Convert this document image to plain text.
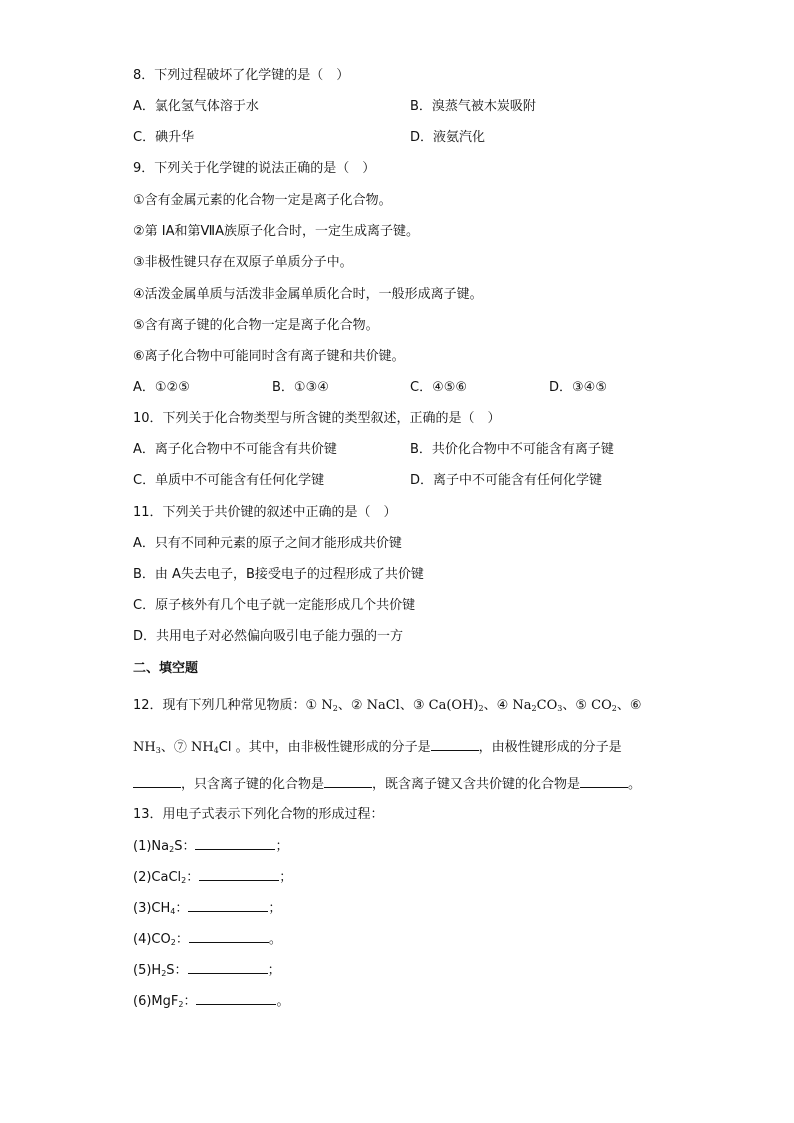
8．下列过程破坏了化学键的是（　）
A．氯化氢气体溶于水	B．溴蒸气被木炭吸附
C．碘升华	D．液氨汽化
9．下列关于化学键的说法正确的是（　）
①含有金属元素的化合物一定是离子化合物。
②第 IA和第ⅦA族原子化合时，一定生成离子键。
③非极性键只存在双原子单质分子中。
④活泼金属单质与活泼非金属单质化合时，一般形成离子键。
⑤含有离子键的化合物一定是离子化合物。
⑥离子化合物中可能同时含有离子键和共价键。
A．①②⑤	B．①③④	C．④⑤⑥	D．③④⑤
10．下列关于化合物类型与所含键的类型叙述，正确的是（　）
A．离子化合物中不可能含有共价键	B．共价化合物中不可能含有离子键
C．单质中不可能含有任何化学键	D．离子中不可能含有任何化学键
11．下列关于共价键的叙述中正确的是（　）
A．只有不同种元素的原子之间才能形成共价键
B．由 A失去电子，B接受电子的过程形成了共价键
C．原子核外有几个电子就一定能形成几个共价键
D．共用电子对必然偏向吸引电子能力强的一方
二、填空题
12．现有下列几种常见物质：① $N_2$、② NaCl、③ $Ca(OH)_2$、④ $Na_2CO_3$、⑤ $CO_2$、⑥
$NH_3$、⑦ $NH_4Cl$ 。其中，由非极性键形成的分子是	，由极性键形成的分子是
，只含离子键的化合物是	，既含离子键又含共价键的化合物是	。
13．用电子式表示下列化合物的形成过程：
$(1)Na_2S$：	；
(2)CaCl$_2$：	；
$(3)CH_4$：	；
$(4)CO_2$：	。
$(5)H_2S$：	；
(6)MgF$_2$：	。
